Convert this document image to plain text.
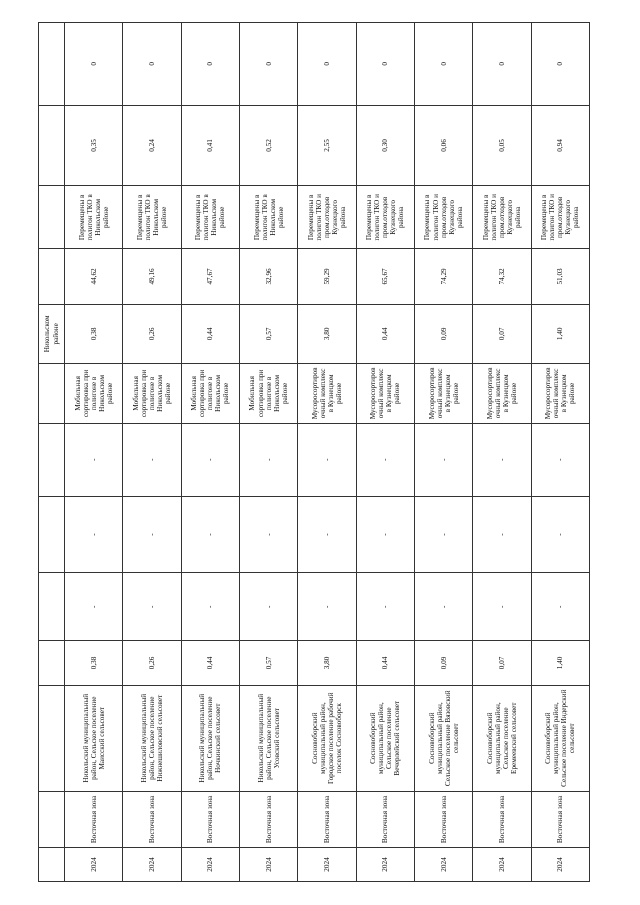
								Никольском районе				
2024	Восточная зона	Никольский муниципальный район, Сельское поселение Маисский сельсовет	0,38	-	-	-	Мобильная сортировка при полигоне в Никольском районе	0,38	44,62	Перемещены в полигон ТКО в Никольском районе	0,35	0
2024	Восточная зона	Никольский муниципальный район, Сельское поселение Нижнешиловский сельсовет	0,26	-	-	-	Мобильная сортировка при полигоне в Никольском районе	0,26	49,16	Перемещены в полигон ТКО в Никольском районе	0,24	0
2024	Восточная зона	Никольский муниципальный район, Сельское поселение Ночкинский сельсовет	0,44	-	-	-	Мобильная сортировка при полигоне в Никольском районе	0,44	47,67	Перемещены в полигон ТКО в Никольском районе	0,41	0
2024	Восточная зона	Никольский муниципальный район, Сельское поселение Усовский сельсовет	0,57	-	-	-	Мобильная сортировка при полигоне в Никольском районе	0,57	32,96	Перемещены в полигон ТКО в Никольском районе	0,52	0
2024	Восточная зона	Сосновоборский муниципальный район, Городское поселение рабочий поселок Сосновоборск	3,80	-	-	-	Мусоросортировочный комплекс в Кузнецком районе	3,80	59,29	Перемещены в полигон ТКО и пром.отходов Кузнецкого района	2,55	0
2024	Восточная зона	Сосновоборский муниципальный район, Сельское поселение Вечерлейский сельсовет	0,44	-	-	-	Мусоросортировочный комплекс в Кузнецком районе	0,44	65,67	Перемещены в полигон ТКО и пром.отходов Кузнецкого района	0,30	0
2024	Восточная зона	Сосновоборский муниципальный район, Сельское поселение Вязовский сельсовет	0,09	-	-	-	Мусоросортировочный комплекс в Кузнецком районе	0,09	74,29	Перемещены в полигон ТКО и пром.отходов Кузнецкого района	0,06	0
2024	Восточная зона	Сосновоборский муниципальный район, Сельское поселение Еремеевский сельсовет	0,07	-	-	-	Мусоросортировочный комплекс в Кузнецком районе	0,07	74,32	Перемещены в полигон ТКО и пром.отходов Кузнецкого района	0,05	0
2024	Восточная зона	Сосновоборский муниципальный район, Сельское поселение Индерский сельсовет	1,40	-	-	-	Мусоросортировочный комплекс в Кузнецком районе	1,40	51,03	Перемещены в полигон ТКО и пром.отходов Кузнецкого района	0,94	0
